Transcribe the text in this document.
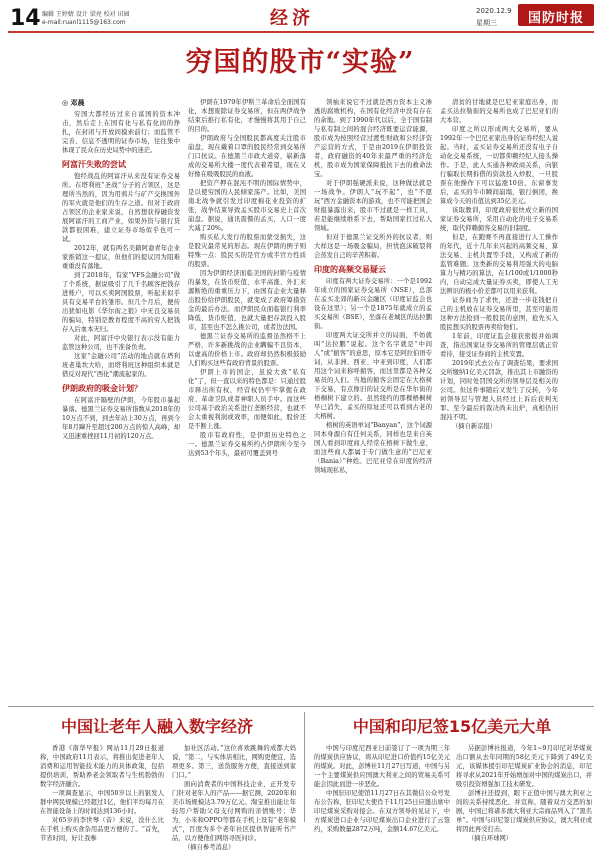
14 编辑 王婷婧 设计 梁亮 校对 田园
e-mail:ruanl1115@163.com	经济	2020.12.9
星期三	国防时报
穷国的股市“实验”
◎ 邓晨

穷国大都经历过来自富国的资本冲击，然后走上在国有化与私有化间的挣扎，在封闭与开放间摸索前行；而监管不完善、信息不透明的证券市场，往往集中体现了民众在历史局势中的迷茫。

阿富汗失败的尝试

饱经战乱的阿富汗从来没有证券交易所。在塔利班“圣战”分子的占领区，这是理所当然的，因为用鸦片与矿产交换国外的军火就是他们的生存之道。但对于政府占领区的企业家来说，自然想获得融资发展阿富汗的工商产业，如果外资与银行贷款都很困难，建立证券市场似乎也可一试。

2012年，就有两名美籍阿裔青年企业家推销这一提议，但他们的提议因为阻难重重没有落地。

到了2018年，有家“VFS金融公司”做了个系统，据说吸引了几千名顾客把钱存进账户，可以买卖阿国股票，听起来似乎具有交易平台的雏形。但几个月后，便传出犹如电影《华尔街之狼》中无良交易员的骗局，特别是教育程度不高的穷人把钱存入后血本无归。

对此，阿富汗中央银行表示没有能力监管这种公司，也不准备负责。

这家“金融公司”活动的地点就在塔利班老巢坎大哈，而塔利班这种组织本就是借反对现代“西化”潮流起家的。

伊朗政府的吸金计划？

在阿富汗隔壁的伊朗，今年股市暴起暴落。德黑兰证券交易所指数从2018年的10万点不到，到去年站上30万点，再到今年8月蹿升至超过200万点的惊人高峰，却又迅速重挫回11月初的120万点。

伊朗在1979年伊斯兰革命后全面国有化，本想废除证券交易所，但在两伊战争结束后推行私有化，才慢慢将其用于自己的目的。

伊朗政府与全国股民都高度关注股市崩盘，现在戴着口罩的股民经常到交易所门口抗议。在德黑兰市政大道旁，崭新落成的交易所大楼一度代表着希望，现在又好像在吸吸股民的血液。

把资产押在混沌不明的国际情势中，是以使穷国的人民倾家荡产。比如，美国南北战争就引发过印度棉花业投资的扩张，战争结束导致孟买股市交易史上首次崩盘。据说，通讯震慑的孟买，人口一度大减了20%。

购买私人发行的股票而蒙受损失，这是股灾最常见的形态。现在伊朗的例子则特殊一点：股民买的是官方或半官方性质的股票。

因为伊朗经济面临美国的封锁与疫情的暴发，在货币贬值、水平高涨、外汇来源断绝的重重压力下，由国有企业大量释出股份给伊朗股民，就变成了政府筹措资金的最后办法。而伊朗民众面临银行利率降低、货币贬值，也就大量把存款投入股市，甚至也不怎么挑公司，或者边法国。

德黑兰证券交易所的监督虽然格不上严格，许多新挑战的企业瞒骗不良资本，以虚高的价格上市。政府却仍然积极鼓励人们购买这些有政府背景的股票。

伊朗上市的国企，虽说大致“私有化”了，但一直以来的特色都是：只通过股市释出所有权，经营权仍牢牢掌握在政府、革命卫队或者神职人员手中。而这些公司基于政治关系进行垄断经营，也就不会太重视利润或效率，而便如此，股价还是不断上涨。

股市有政府性，是伊朗历史特色之一。德黑兰证券交易所约占伊朗所今至今达到53个年头，最初可覆盖到号

领袖来说它不过就是西方资本主义渗透的腐败机构，在国有化经济中没有存在的余地。到了1990年代以后，全于国有制与私有制之间的混合经济既要运营能源，股市成为按照经营过渡性财政和公经济资产运营的方式，于是由2019在伊朗投资者，政府融资的40年来最严重的经济危机，股市成为国家保障抵抗下去的救命法宝。

对于伊朗强硬派来说，这种做法就是一场战争。伊朗人“玩不起”，也“不愿玩”西方金融资本的游戏，也不可能把国企财报暴露出来，股市不过就是一样工具，若是能继续维系下去，帮助国家扛过私人领域。

但对于德黑兰证交所外的抗议者，则大样这是一场吸金骗局，担忧泡沫破裂将会蒸发自己的辛苦积蓄。

印度的高频交易疑云

印度有两大证券交易所：一个是1992年成立的国家证券交易所（NSE），总部在孟买北郊的新兴金融区（印度证监会也设在这里）；另一个是1875年就成立的孟买交易所（BSE），坐落在老城区的达拉鹏街。

印度两大证交所并立的局面，不妨就叫“达拉鹏”说起。这个名字就是“中间人”或“掮客”的意思，原本它是阿拉伯语专词，从非洲、西亚、中亚到印度，人们都用这个词来称呼掮客，而这里都是各种交易员的人们。当地的掮客会固定在大格树下交易，有点像旧的证交所是在华尔街的梧桐树下建立的。虽然纽约的那棵梧桐树早已消失，孟买的原址还可以看到古老的大榕树。

榕树的英语单词“Banyan”，这个词源同本身源自有任何关系，同样也是来自英国人看到印度商人经常在榕树下做生意，而这些商人都属于专门做生意的“巴尼亚（Bania）”种姓。巴尼亚常在印度的经济领域现私私，

清贫的甘地就是巴尼亚家庭出身，而孟买达拉勒街的交易所也成了巴尼亚们的大本营。

印度之所以形成两大交易所，要从1992年一个巴尼亚家出身的证券经纪人说起。当时，孟买证券交易所还没有电子自动化交易系统，一切都仰赖经纪人接头操作。于是，此人买通各种政商关系，向银行骗取长期拆借的资款投入炒股，一旦股票在他操作下可以猛涨10倍，东窗事发后，孟买的牛市瞬间崩塌，银行倒闭，换算成今天的币值达到35亿美元。

该取教训，印度政府很快成立新的国家证券交易所，采用自动化的电子交易系统，取代仰赖掮客交易的旧制度。

但是，在跑赛不再直接进行人工操作的年代，近十几年来兴起的高频交易、算法交易、主机共置等手段，又构成了新的监管难题。这类新的交易利用强大的电脑算力与精巧的算法，在1/100或1/1000秒内，自动完成大量证券买卖，即使人工无法辨识的极小价差都可以用来获利。

证券商为了求快，还进一步花钱把自己的主机放在证券交易所里，甚至可能用这种方法抢到一般股民的意图，抢先买入股民想买的股票再卖给他们。

1年前，印度证监会接获密报并始调查，指出国家证券交易所的管理层就正常看待，接受证券商的主机安置。

2019年式去公布了调查结果，要求国交所缴纳1亿美元罚款，推出其上市融资的计划，同时处罚国交所的领导层及相关的公司。但这件事随后又发生了反转，今年初领导层与管理人员经过上诉后获判无罪。至今最后的裁决尚未出炉，真相仍旧混沌不明。

（摘自新京报）

中国让老年人融入数字经济

香港《南华早报》网站11月29日报道称，中国政府11月表示，将推出促进老年人消费和运用智能技术能力的具体政策，包括提供培训，帮助养老金领取者与生机勃勃的数字经济融合。

一项调查显示，中国50岁以上的银发人群中网民规模已经超过1亿，他们平均每月在在智能设备上的时间达到136小时。

对65岁的李世琴（音）来说，没什么比在手机上购买食杂用品更方便的了。“首先，节省时间，好让我参

加社区活动。”这位喜欢跳舞的成都大妈说，“第二，与实体店相比，网购更便宜、选项更多。第三，送货服务方便，直接送到家门口。”

面向消费者的中国科技企业，正开发专门针对老年人的产品——据它测，2020年和美市场规模达3.79万亿元。淘宝推出能让年轻用户帮助父母支付网购的亲情账号；华为、小米和OPPO等都在手机上设有“老年模式”，百度为多个老年社区提供智能听书产品，以方便他们网络寻医问诊。

（摘自参考消息）

中国和印尼签15亿美元大单

中国与印度尼西亚日前签订了一项为期三年的煤炭供应协议，将从印尼进口价值约15亿美元的煤炭。对此，彭博社11月27日写道，中国与另一个主要煤炭供应国澳大利亚之间的贸易关系可能会因此而进一步恶化。

中国驻印尼使馆11月27日在其微信公众号发布公告称，驻印尼大使肖千11月25日应邀出席中印尼煤炭采购对接会。在双方领导的见证下，中方煤炭进口企业与印尼煤炭出口企业进行了云签约，采购数量2872万吨，金额14.67亿美元。

另据彭博社报道，今年1~9月印尼对华煤炭出口额从去年同期的58亿美元下降到了49亿美元，该媒体援引印尼煤炭矿业协会的消息，印尼将寻求从2021年开始增加对中国的煤炭出口，并吸引投资增强加工技术研发。

彭博社还提到，眼下正值中国与澳大利亚之间的关系持续恶化，并宣称，随着双方交恶的加剧，中国已将诸多澳大利亚大宗商品列入了“黑名单”。中国与印尼签订煤炭供应协议，澳大利亚或将因此再受打击。

（摘自环球网）
